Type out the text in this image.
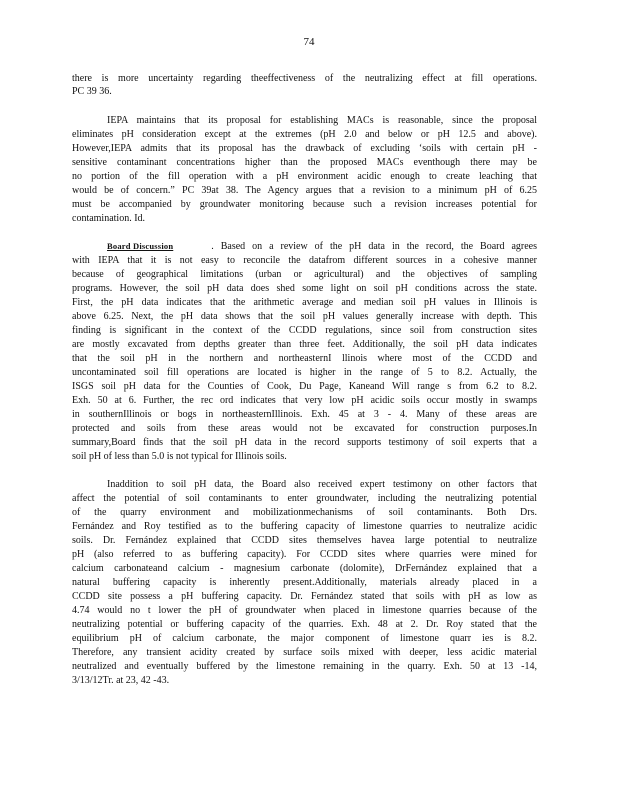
74
there is more uncertainty regarding theeffectiveness of the neutralizing effect at fill operations.
PC 39 36.
IEPA maintains that its proposal for establishing MACs is reasonable, since the proposal
eliminates pH consideration except at the extremes (pH 2.0 and below or pH 12.5 and above).
However,IEPA admits that its proposal has the drawback of excluding ‘soils with certain pH -
sensitive contaminant concentrations higher than the proposed MACs eventhough there may be
no portion of the fill operation with a pH environment acidic enough to create leaching that
would be of concern.” PC 39at 38. The Agency argues that a revision to a minimum pH of 6.25
must be accompanied by groundwater monitoring because such a revision increases potential for
contamination. Id.
Board Discussion	. Based on a review of the pH data in the record, the Board agrees
with IEPA that it is not easy to reconcile the datafrom different sources in a cohesive manner
because of geographical limitations (urban or agricultural) and the objectives of sampling
programs. However, the soil pH data does shed some light on soil pH conditions across the state.
First, the pH data indicates that the arithmetic average and median soil pH values in Illinois is
above 6.25. Next, the pH data shows that the soil pH values generally increase with depth. This
finding is significant in the context of the CCDD regulations, since soil from construction sites
are mostly excavated from depths greater than three feet. Additionally, the soil pH data indicates
that the soil pH in the northern and northeasternI llinois where most of the CCDD and
uncontaminated soil fill operations are located is higher in the range of 5 to 8.2. Actually, the
ISGS soil pH data for the Counties of Cook, Du Page, Kaneand Will range s from 6.2 to 8.2.
Exh. 50 at 6. Further, the rec ord indicates that very low pH acidic soils occur mostly in swamps
in southernIllinois or bogs in northeasternIllinois. Exh. 45 at 3 - 4. Many of these areas are
protected and soils from these areas would not be excavated for construction purposes.In
summary,Board finds that the soil pH data in the record supports testimony of soil experts that a
soil pH of less than 5.0 is not typical for Illinois soils.
Inaddition to soil pH data, the Board also received expert testimony on other factors that
affect the potential of soil contaminants to enter groundwater, including the neutralizing potential
of the quarry environment and mobilizationmechanisms of soil contaminants. Both Drs.
Fernández and Roy testified as to the buffering capacity of limestone quarries to neutralize acidic
soils. Dr. Fernández explained that CCDD sites themselves havea large potential to neutralize
pH (also referred to as buffering capacity). For CCDD sites where quarries were mined for
calcium carbonateand calcium - magnesium carbonate (dolomite), DrFernández explained that a
natural buffering capacity is inherently present.Additionally, materials already placed in a
CCDD site possess a pH buffering capacity. Dr. Fernández stated that soils with pH as low as
4.74 would no t lower the pH of groundwater when placed in limestone quarries because of the
neutralizing potential or buffering capacity of the quarries. Exh. 48 at 2. Dr. Roy stated that the
equilibrium pH of calcium carbonate, the major component of limestone quarr ies is 8.2.
Therefore, any transient acidity created by surface soils mixed with deeper, less acidic material
neutralized and eventually buffered by the limestone remaining in the quarry. Exh. 50 at 13 -14,
3/13/12Tr. at 23, 42 -43.
